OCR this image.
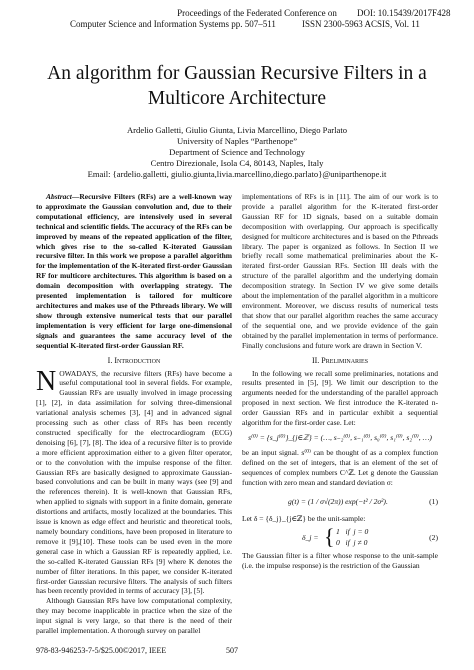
Proceedings of the Federated Conference on
Computer Science and Information Systems pp. 507–511
DOI: 10.15439/2017F428
ISSN 2300-5963 ACSIS, Vol. 11
An algorithm for Gaussian Recursive Filters in a
Multicore Architecture
Ardelio Galletti, Giulio Giunta, Livia Marcellino, Diego Parlato
University of Naples “Parthenope”
Department of Science and Technology
Centro Direzionale, Isola C4, 80143, Naples, Italy
Email: {ardelio.galletti, giulio.giunta,livia.marcellino,diego.parlato}@uniparthenope.it

Abstract—Recursive Filters (RFs) are a well-known way to approximate the Gaussian convolution and, due to their computational efficiency, are intensively used in several technical and scientific fields. The accuracy of the RFs can be improved by means of the repeated application of the filter, which gives rise to the so-called K-iterated Gaussian recursive filter. In this work we propose a parallel algorithm for the implementation of the K-iterated first-order Gaussian RF for multicore architectures. This algorithm is based on a domain decomposition with overlapping strategy. The presented implementation is tailored for multicore architectures and makes use of the Pthreads library. We will show through extensive numerical tests that our parallel implementation is very efficient for large one-dimensional signals and guarantees the same accuracy level of the sequential K-iterated first-order Gaussian RF.

I. Introduction

NOWADAYS, the recursive filters (RFs) have become a useful computational tool in several fields. For example, Gaussian RFs are usually involved in image processing [1], [2], in data assimilation for solving three-dimensional variational analysis schemes [3], [4] and in advanced signal processing such as other class of RFs has been recently constructed specifically for the electrocardiogram (ECG) denoising [6], [7], [8]. The idea of a recursive filter is to provide a more efficient approximation either to a given filter operator, or to the convolution with the impulse response of the filter. Gaussian RFs are basically designed to approximate Gaussian-based convolutions and can be built in many ways (see [9] and the references therein). It is well-known that Gaussian RFs, when applied to signals with support in a finite domain, generate distortions and artifacts, mostly localized at the boundaries. This issue is known as edge effect and heuristic and theoretical tools, namely boundary conditions, have been proposed in literature to remove it [9],[10]. These tools can be used even in the more general case in which a Gaussian RF is repeatedly applied, i.e. the so-called K-iterated Gaussian RFs [9] where K denotes the number of filter iterations. In this paper, we consider K-iterated first-order Gaussian recursive filters. The analysis of such filters has been recently provided in terms of accuracy [3], [5].

Although Gaussian RFs have low computational complexity, they may become inapplicable in practice when the size of the input signal is very large, so that there is the need of their parallel implementation. A thorough survey on parallel

implementations of RFs is in [11]. The aim of our work is to provide a parallel algorithm for the K-iterated first-order Gaussian RF for 1D signals, based on a suitable domain decomposition with overlapping. Our approach is specifically designed for multicore architectures and is based on the Pthreads library. The paper is organized as follows. In Section II we briefly recall some mathematical preliminaries about the K-iterated first-order Gaussian RFs. Section III deals with the structure of the parallel algorithm and the underlying domain decomposition strategy. In Section IV we give some details about the implementation of the parallel algorithm in a multicore environment. Moreover, we discuss results of numerical tests that show that our parallel algorithm reaches the same accuracy of the sequential one, and we provide evidence of the gain obtained by the parallel implementation in terms of performance. Finally conclusions and future work are drawn in Section V.

II. Preliminaries

In the following we recall some preliminaries, notations and results presented in [5], [9]. We limit our description to the arguments needed for the understanding of the parallel approach proposed in next section. We first introduce the K-iterated n-order Gaussian RFs and in particular exhibit a sequential algorithm for the first-order case. Let:

s⁽⁰⁾ = {s_j⁽⁰⁾}_{j∈ℤ} = (…, s₋₂⁽⁰⁾, s₋₁⁽⁰⁾, s₀⁽⁰⁾, s₁⁽⁰⁾, s₂⁽⁰⁾, …)

be an input signal. s⁽⁰⁾ can be thought of as a complex function defined on the set of integers, that is an element of the set of sequences of complex numbers C^ℤ. Let g denote the Gaussian function with zero mean and standard deviation σ:

g(t) = (1 / σ√(2π)) exp(−t² / 2σ²).	(1)

Let δ = {δ_j}_{j∈ℤ} be the unit-sample:

δ_j = { 1   if  j = 0
0   if  j ≠ 0
(2)

The Gaussian filter is a filter whose response to the unit-sample (i.e. the impulse response) is the restriction of the Gaussian

978-83-946253-7-5/$25.00©2017, IEEE	507
